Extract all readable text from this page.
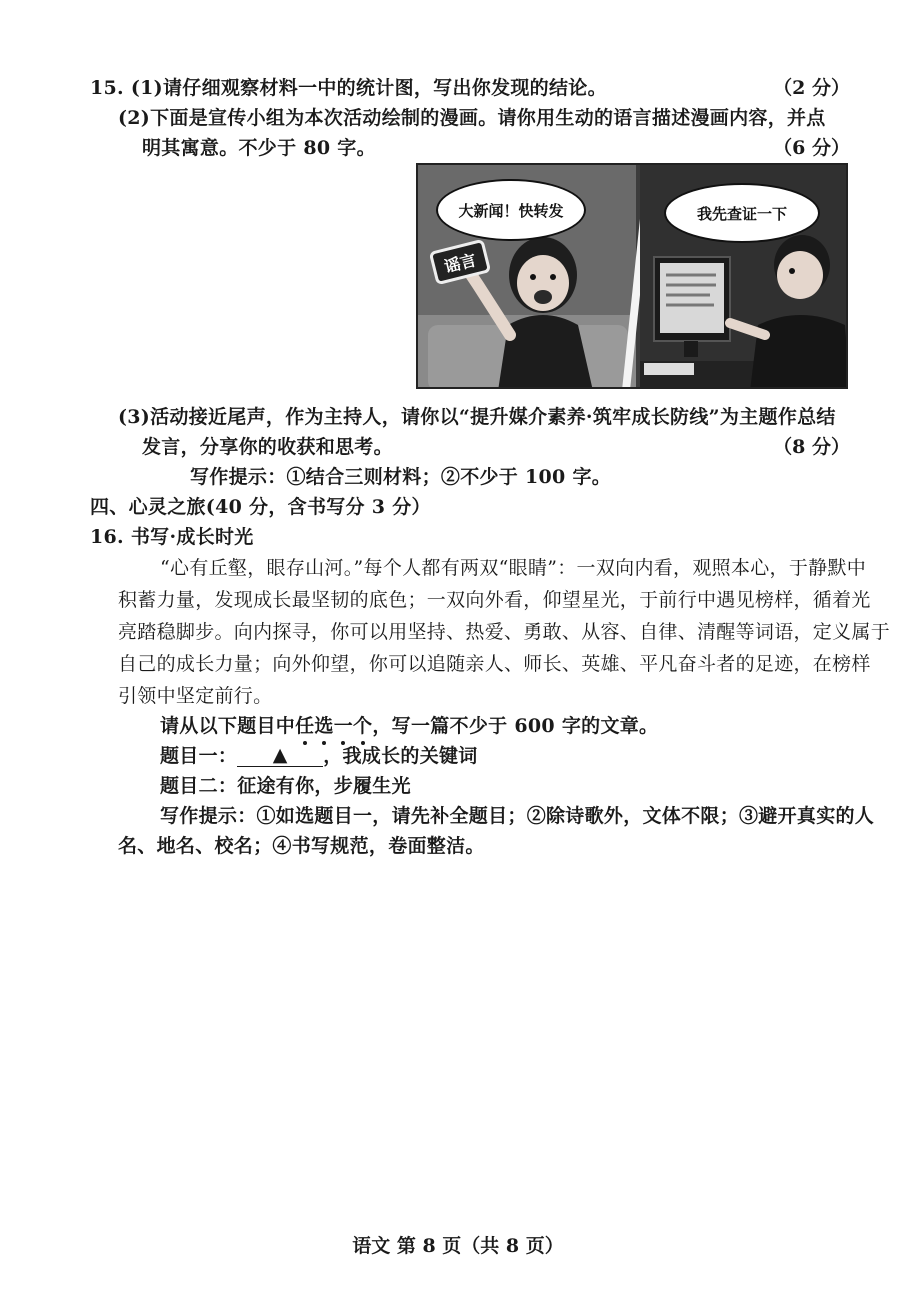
15. (1)请仔细观察材料一中的统计图，写出你发现的结论。	（2 分）
(2)下面是宣传小组为本次活动绘制的漫画。请你用生动的语言描述漫画内容，并点
明其寓意。不少于 80 字。	（6 分）
大新闻！快转发
谣言
我先查证一下
(3)活动接近尾声，作为主持人，请你以“提升媒介素养·筑牢成长防线”为主题作总结
发言，分享你的收获和思考。	（8 分）
写作提示：①结合三则材料；②不少于 100 字。
四、心灵之旅(40 分，含书写分 3 分）
16. 书写·成长时光
“心有丘壑，眼存山河。”每个人都有两双“眼睛”：一双向内看，观照本心，于静默中
积蓄力量，发现成长最坚韧的底色；一双向外看，仰望星光，于前行中遇见榜样，循着光
亮踏稳脚步。向内探寻，你可以用坚持、热爱、勇敢、从容、自律、清醒等词语，定义属于
自己的成长力量；向外仰望，你可以追随亲人、师长、英雄、平凡奋斗者的足迹，在榜样
引领中坚定前行。
请从以下题目中任选一个，写一篇不少于 600 字的文章。
题目一： ▲ ，我成长的关键词
题目二：征途有你，步履生光
写作提示：①如选题目一，请先补全题目；②除诗歌外，文体不限；③避开真实的人
名、地名、校名；④书写规范，卷面整洁。
语文 第 8 页（共 8 页）
